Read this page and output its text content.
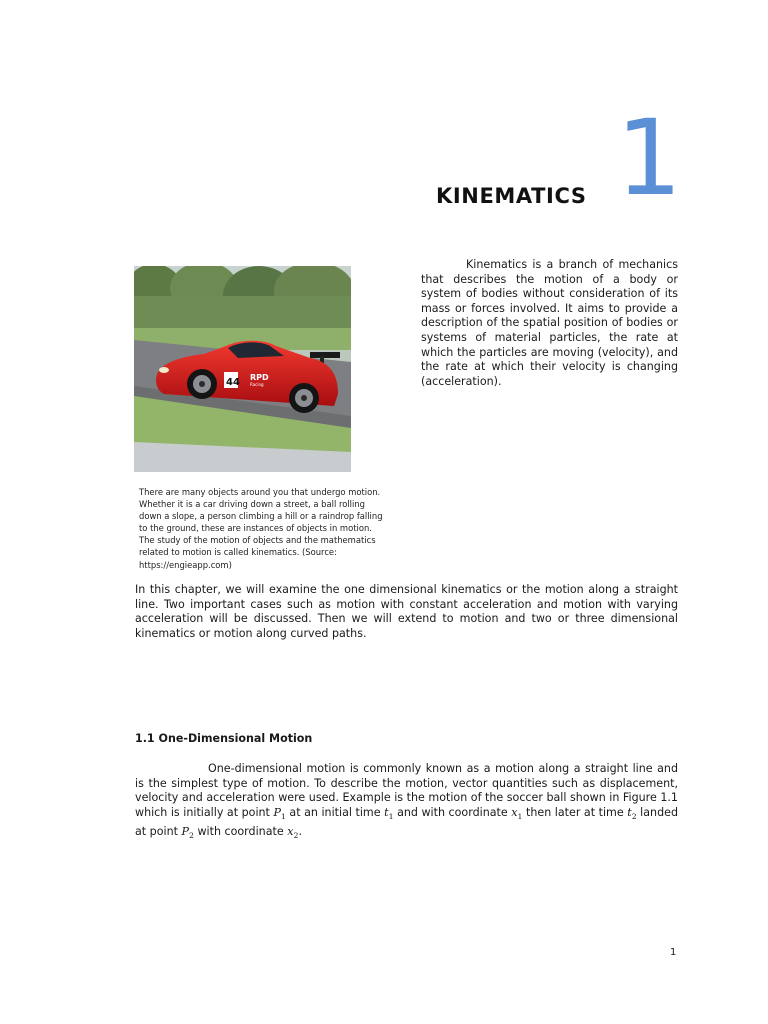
KINEMATICS 1

Kinematics is a branch of mechanics that describes the motion of a body or system of bodies without consideration of its mass or forces involved. It aims to provide a description of the spatial position of bodies or systems of material particles, the rate at which the particles are moving (velocity), and the rate at which their velocity is changing (acceleration).

44 RPD
Racing

There are many objects around you that undergo motion. Whether it is a car driving down a street, a ball rolling down a slope, a person climbing a hill or a raindrop falling to the ground, these are instances of objects in motion. The study of the motion of objects and the mathematics related to motion is called kinematics. (Source: https://engieapp.com)

In this chapter, we will examine the one dimensional kinematics or the motion along a straight line. Two important cases such as motion with constant acceleration and motion with varying acceleration will be discussed. Then we will extend to motion and two or three dimensional kinematics or motion along curved paths.

1.1 One-Dimensional Motion

One-dimensional motion is commonly known as a motion along a straight line and is the simplest type of motion. To describe the motion, vector quantities such as displacement, velocity and acceleration were used. Example is the motion of the soccer ball shown in Figure 1.1 which is initially at point $P_1$ at an initial time $t_1$ and with coordinate $x_1$ then later at time $t_2$ landed at point $P_2$ with coordinate $x_2$.

1
